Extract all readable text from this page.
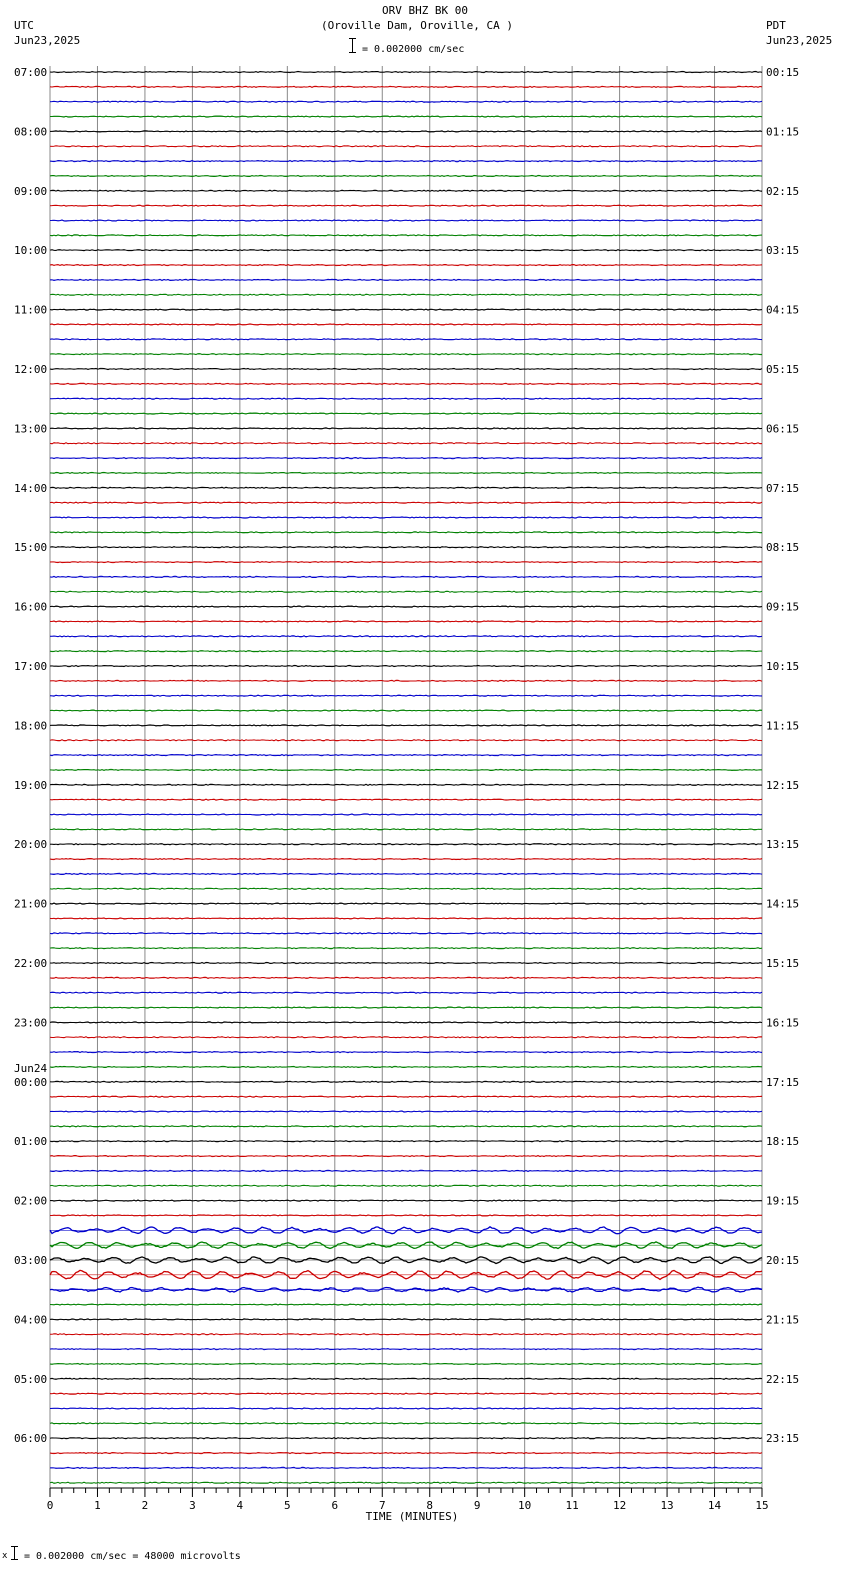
ORV BHZ BK 00
(Oroville Dam, Oroville, CA )
= 0.002000 cm/sec
UTC
Jun23,2025
PDT
Jun23,2025
07:00
08:00
09:00
10:00
11:00
12:00
13:00
14:00
15:00
16:00
17:00
18:00
19:00
20:00
21:00
22:00
23:00
00:00
Jun24
01:00
02:00
03:00
04:00
05:00
06:00
00:15
01:15
02:15
03:15
04:15
05:15
06:15
07:15
08:15
09:15
10:15
11:15
12:15
13:15
14:15
15:15
16:15
17:15
18:15
19:15
20:15
21:15
22:15
23:15
0	1	2	3	4	5	6	7	8	9	10	11	12	13	14	15
TIME (MINUTES)
x = 0.002000 cm/sec = 48000 microvolts
